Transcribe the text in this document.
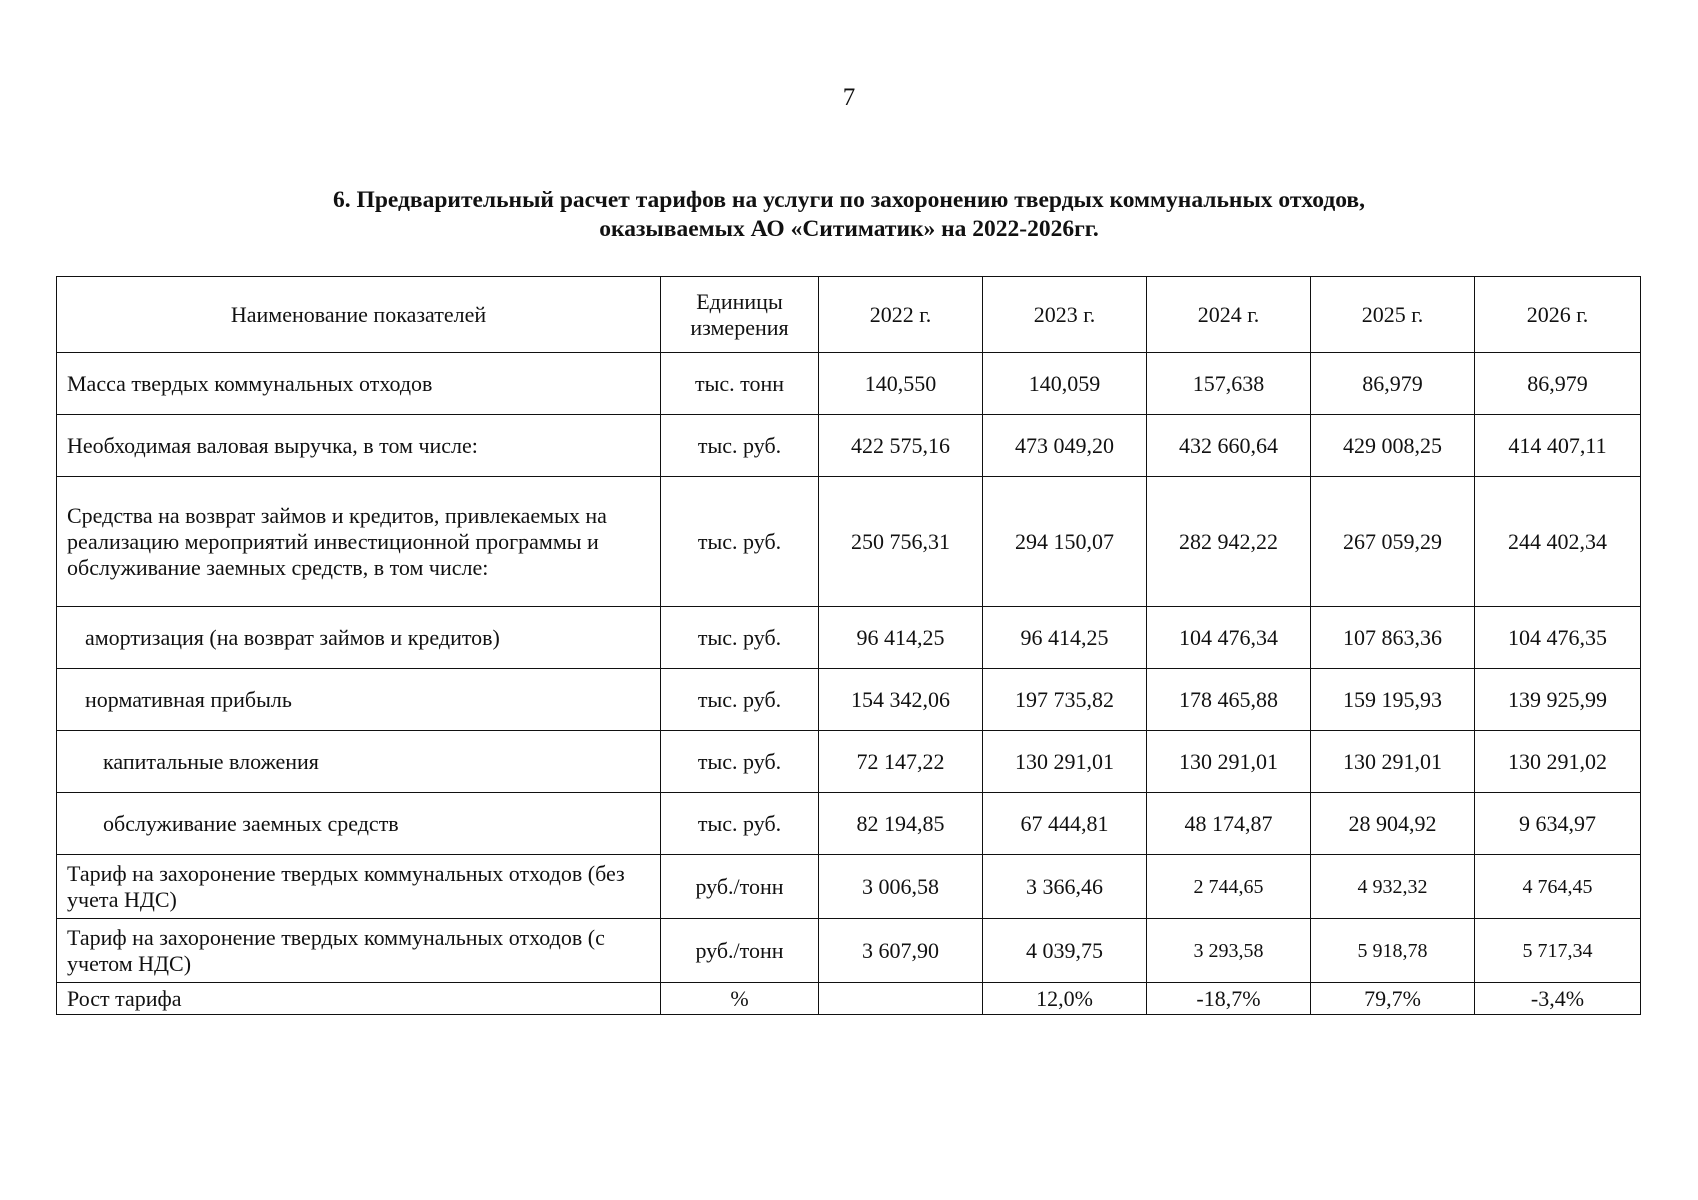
7
6. Предварительный расчет тарифов на услуги по захоронению твердых коммунальных отходов,
оказываемых АО «Ситиматик» на 2022-2026гг.
Наименование показателей	Единицы измерения	2022 г.	2023 г.	2024 г.	2025 г.	2026 г.
Масса твердых коммунальных отходов	тыс. тонн	140,550	140,059	157,638	86,979	86,979
Необходимая валовая выручка, в том числе:	тыс. руб.	422 575,16	473 049,20	432 660,64	429 008,25	414 407,11
Средства на возврат займов и кредитов, привлекаемых на реализацию мероприятий инвестиционной программы и обслуживание заемных средств, в том числе:	тыс. руб.	250 756,31	294 150,07	282 942,22	267 059,29	244 402,34
амортизация (на возврат займов и кредитов)	тыс. руб.	96 414,25	96 414,25	104 476,34	107 863,36	104 476,35
нормативная прибыль	тыс. руб.	154 342,06	197 735,82	178 465,88	159 195,93	139 925,99
капитальные вложения	тыс. руб.	72 147,22	130 291,01	130 291,01	130 291,01	130 291,02
обслуживание заемных средств	тыс. руб.	82 194,85	67 444,81	48 174,87	28 904,92	9 634,97
Тариф на захоронение твердых коммунальных отходов (без учета НДС)	руб./тонн	3 006,58	3 366,46	2 744,65	4 932,32	4 764,45
Тариф на захоронение твердых коммунальных отходов (с учетом НДС)	руб./тонн	3 607,90	4 039,75	3 293,58	5 918,78	5 717,34
Рост тарифа	%		12,0%	-18,7%	79,7%	-3,4%
